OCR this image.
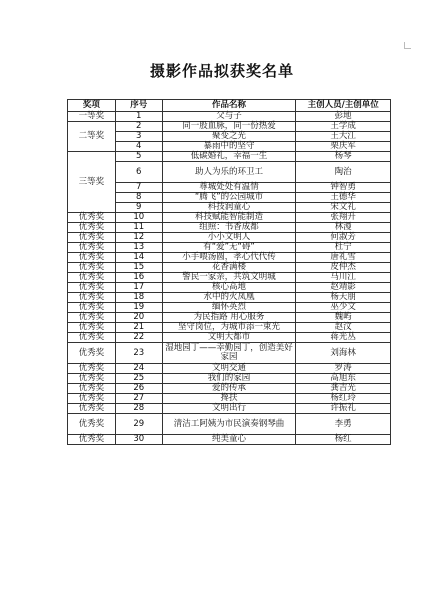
摄影作品拟获奖名单
奖项	序号	作品名称	主创人员/主创单位
一等奖	1	父与子	彭地
二等奖	2	同一股血脉，同一份热爱	王学成
	3	聚变之光	王大江
	4	暴雨中的坚守	栗庆军
三等奖	5	低碳婚礼，幸福一生	杨琴
	6	助人为乐的环卫工	陶治
	7	尊城处处有温情	钟智勇
	8	“腾飞”的公园城市	王德华
	9	科技润童心	宋文礼
优秀奖	10	科技赋能智能制造	张翔升
优秀奖	11	组照：书香成都	林漫
优秀奖	12	小小文明人	何淑芳
优秀奖	13	有“爱”无“碍”	杜宁
优秀奖	14	小手喂汤圆，孝心代代传	唐礼雪
优秀奖	15	花香满楼	皮仲杰
优秀奖	16	警民一家亲，共筑文明城	马川江
优秀奖	17	核心高地	赵靖影
优秀奖	18	水中的火凤凰	杨天朋
优秀奖	19	缅怀英烈	巫少文
优秀奖	20	为民指路 用心服务	魏屿
优秀奖	21	坚守岗位，为城市添一束光	赵汶
优秀奖	22	文明大都市	蒋光丛
优秀奖	23	湿地园丁——幸勤园丁，创造美好家园	刘海林
优秀奖	24	文明交通	罗涛
优秀奖	25	我们的家园	高旭东
优秀奖	26	爱的传承	龚吉光
优秀奖	27	搀扶	杨红玲
优秀奖	28	文明出行	许振礼
优秀奖	29	清洁工阿姨为市民演奏钢琴曲	李勇
优秀奖	30	纯美童心	杨红
